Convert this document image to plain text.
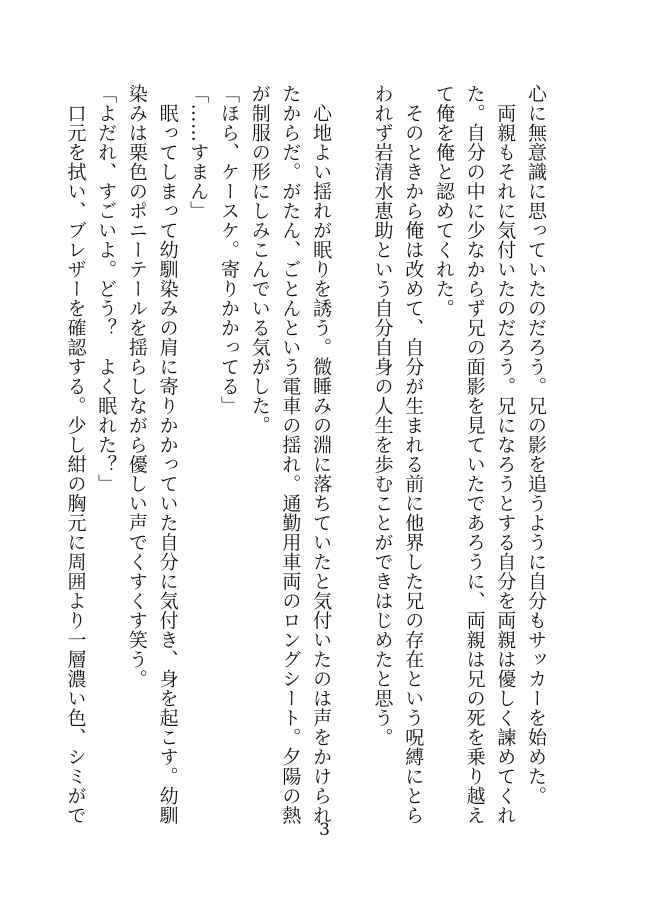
心に無意識に思っていたのだろう。兄の影を追うように自分もサッカーを始めた。

　両親もそれに気付いたのだろう。兄になろうとする自分を両親は優しく諫めてくれ

た。自分の中に少なからず兄の面影を見ていたであろうに、両親は兄の死を乗り越え

て俺を俺と認めてくれた。

　そのときから俺は改めて、自分が生まれる前に他界した兄の存在という呪縛にとら

われず岩清水恵助という自分自身の人生を歩むことができはじめたと思う。

　心地よい揺れが眠りを誘う。微睡みの淵に落ちていたと気付いたのは声をかけられ

たからだ。がたん、ごとんという電車の揺れ。通勤用車両のロングシート。夕陽の熱

が制服の形にしみこんでいる気がした。

「ほら、ケースケ。寄りかかってる」

「……すまん」

　眠ってしまって幼馴染みの肩に寄りかかっていた自分に気付き、身を起こす。幼馴

染みは栗色のポニーテールを揺らしながら優しい声でくすくす笑う。

「よだれ、すごいよ。どう？　よく眠れた？」

　口元を拭い、ブレザーを確認する。少し紺の胸元に周囲より一層濃い色、シミがで

3
